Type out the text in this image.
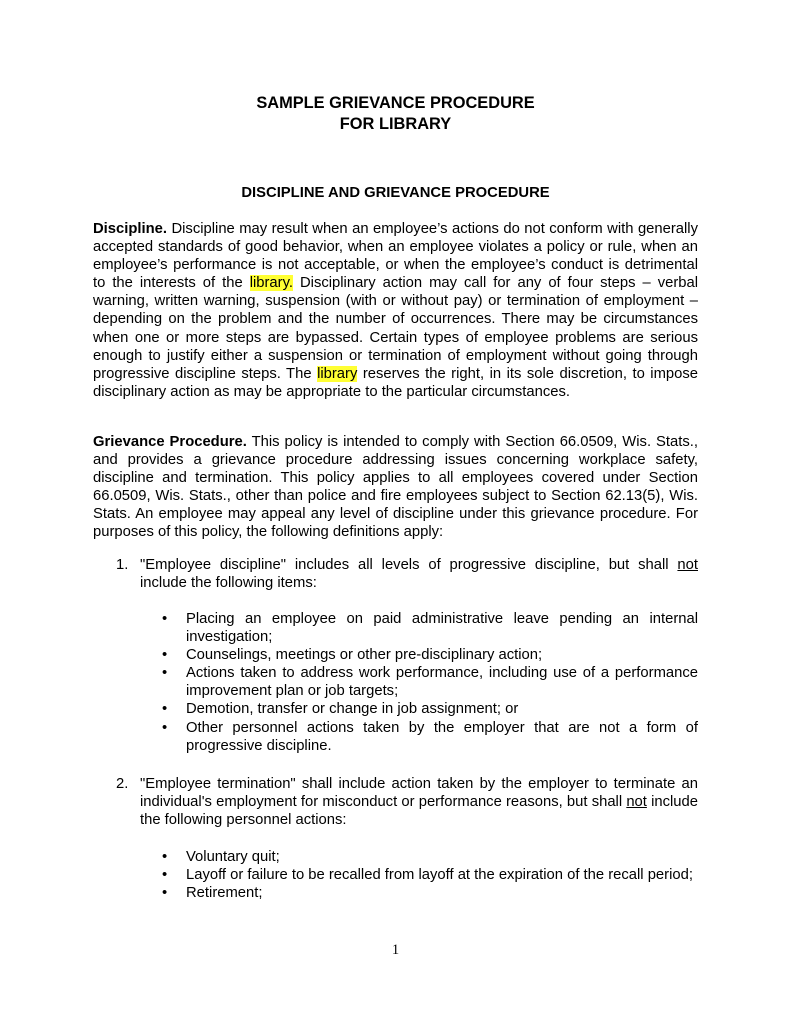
SAMPLE GRIEVANCE PROCEDURE
FOR LIBRARY
DISCIPLINE AND GRIEVANCE PROCEDURE

Discipline. Discipline may result when an employee’s actions do not conform with generally accepted standards of good behavior, when an employee violates a policy or rule, when an employee’s performance is not acceptable, or when the employee’s conduct is detrimental to the interests of the library. Disciplinary action may call for any of four steps – verbal warning, written warning, suspension (with or without pay) or termination of employment – depending on the problem and the number of occurrences. There may be circumstances when one or more steps are bypassed. Certain types of employee problems are serious enough to justify either a suspension or termination of employment without going through progressive discipline steps. The library reserves the right, in its sole discretion, to impose disciplinary action as may be appropriate to the particular circumstances.

Grievance Procedure. This policy is intended to comply with Section 66.0509, Wis. Stats., and provides a grievance procedure addressing issues concerning workplace safety, discipline and termination. This policy applies to all employees covered under Section 66.0509, Wis. Stats., other than police and fire employees subject to Section 62.13(5), Wis. Stats. An employee may appeal any level of discipline under this grievance procedure. For purposes of this policy, the following definitions apply:

1. "Employee discipline" includes all levels of progressive discipline, but shall not include the following items:
•	Placing an employee on paid administrative leave pending an internal investigation;
•	Counselings, meetings or other pre-disciplinary action;
•	Actions taken to address work performance, including use of a performance improvement plan or job targets;
•	Demotion, transfer or change in job assignment; or
•	Other personnel actions taken by the employer that are not a form of progressive discipline.
2. "Employee termination" shall include action taken by the employer to terminate an individual's employment for misconduct or performance reasons, but shall not include the following personnel actions:
•	Voluntary quit;
•	Layoff or failure to be recalled from layoff at the expiration of the recall period;
•	Retirement;
1
